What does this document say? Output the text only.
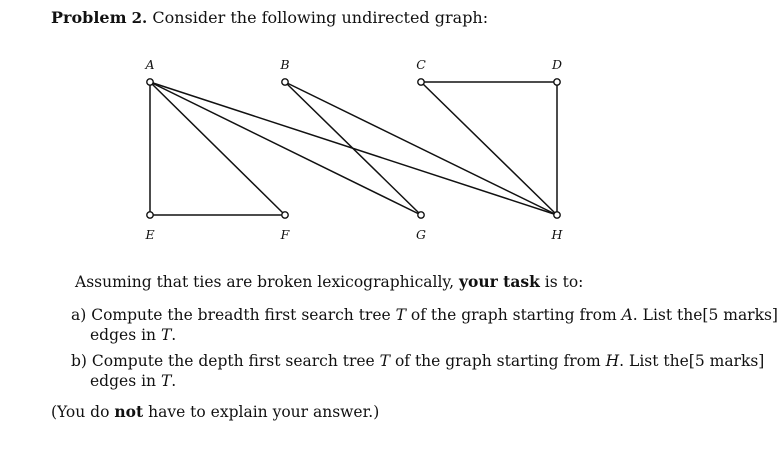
Problem 2. Consider the following undirected graph:
A	B	C	D
E	F	G	H
Assuming that ties are broken lexicographically, your task is to:
a) Compute the breadth first search tree T of the graph starting from A. List the [5 marks]
edges in T.
b) Compute the depth first search tree T of the graph starting from H. List the [5 marks]
edges in T.
(You do not have to explain your answer.)
